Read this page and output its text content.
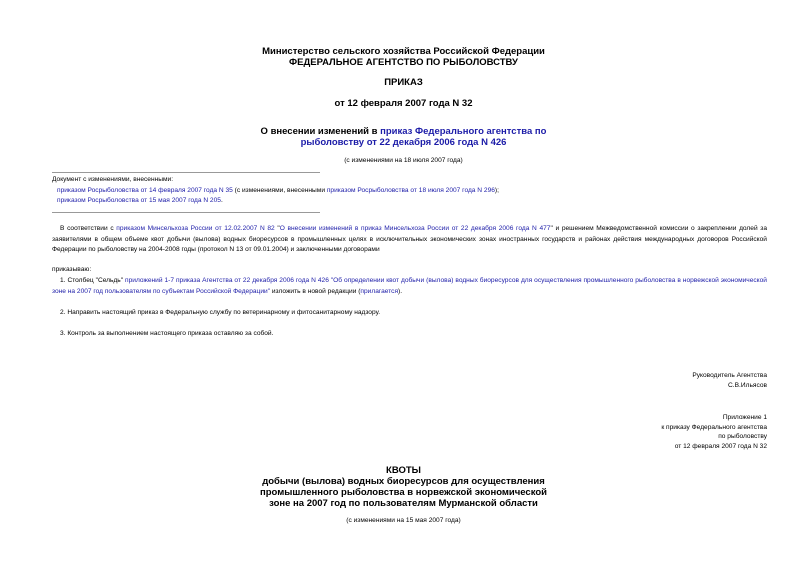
Министерство сельского хозяйства Российской Федерации
ФЕДЕРАЛЬНОЕ АГЕНТСТВО ПО РЫБОЛОВСТВУ
ПРИКАЗ
от 12 февраля 2007 года N 32
О внесении изменений в приказ Федерального агентства по
рыболовству от 22 декабря 2006 года N 426
(с изменениями на 18 июля 2007 года)
Документ с изменениями, внесенными:
приказом Росрыболовства от 14 февраля 2007 года N 35 (с изменениями, внесенными приказом Росрыболовства от 18 июля 2007 года N 296);
приказом Росрыболовства от 15 мая 2007 года N 205.
В соответствии с приказом Минсельхоза России от 12.02.2007 N 82 "О внесении изменений в приказ Минсельхоза России от 22 декабря 2006 года N 477" и решением Межведомственной комиссии о закреплении долей за заявителями в общем объеме квот добычи (вылова) водных биоресурсов в промышленных целях в исключительных экономических зонах иностранных государств и районах действия международных договоров Российской Федерации по рыболовству на 2004-2008 годы (протокол N 13 от 09.01.2004) и заключенными договорами
приказываю:
1. Столбец "Сельдь" приложений 1-7 приказа Агентства от 22 декабря 2006 года N 426 "Об определении квот добычи (вылова) водных биоресурсов для осуществления промышленного рыболовства в норвежской экономической зоне на 2007 год пользователям по субъектам Российской Федерации" изложить в новой редакции (прилагается).
2. Направить настоящий приказ в Федеральную службу по ветеринарному и фитосанитарному надзору.
3. Контроль за выполнением настоящего приказа оставляю за собой.
Руководитель Агентства
С.В.Ильясов
Приложение 1
к приказу Федерального агентства
по рыболовству
от 12 февраля 2007 года N 32
КВОТЫ
добычи (вылова) водных биоресурсов для осуществления
промышленного рыболовства в норвежской экономической
зоне на 2007 год по пользователям Мурманской области
(с изменениями на 15 мая 2007 года)
